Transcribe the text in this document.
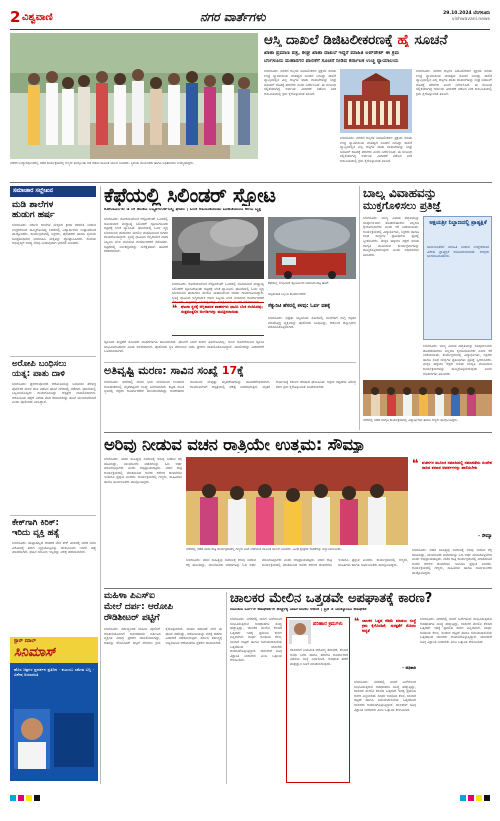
2 ವಿಶ್ವವಾಣಿ	ನಗರ ವಾರ್ತೆಗಳು	29.10.2024 ಬೆಂಗಳೂರು
vishwavani.news
ನಗರದ ಉದ್ಯಾನವೊಂದರಲ್ಲಿ ನಡೆದ ಕಾರ್ಯಕ್ರಮದಲ್ಲಿ ಗಣ್ಯರು ಪಾಲ್ಗೊಂಡು ಗಿಡ ನೆಡುವ ಮೂಲಕ ಚಾಲನೆ ನೀಡಿದರು. ಸ್ಥಳೀಯ ಮುಖಂಡರು ಹಾಗೂ ಅಧಿಕಾರಿಗಳು ಉಪಸ್ಥಿತರಿದ್ದರು.
ಆಸ್ತಿ ದಾಖಲೆ ಡಿಜಿಟಲೀಕರಣಕ್ಕೆ ಹೈ ಸೂಚನೆ
ಖಾತಾ ಪ್ರಮಾಣ ಪತ್ರ, ಶೀಘ್ರ ಖಾತಾ ದಾಖಲೆ ಇದ್ದರೆ ಮಾಹಿತಿ ಅಪ್‌ಡೇಟ್ ಈ ಕ್ರಮ
ಬೆಂಗಳೂರು ಮಹಾನಗರ ಪಾಲಿಕೆಗೆ ಸೂಚನೆ ನೀಡಿದ ಕರ್ನಾಟಕ ಉಚ್ಚ ನ್ಯಾಯಾಲಯ
ಬೆಂಗಳೂರು: ನಗರದ ಆಸ್ತಿಗಳ ಡಿಜಿಟಲೀಕರಣ ಪ್ರಕ್ರಿಯೆ ಕುರಿತು ಉಚ್ಚ ನ್ಯಾಯಾಲಯ ಮಹತ್ವದ ಸೂಚನೆ ನೀಡಿದ್ದು ಪಾಲಿಕೆ ವ್ಯಾಪ್ತಿಯಲ್ಲಿನ ಎಲ್ಲ ಆಸ್ತಿಗಳ ಖಾತಾ ದಾಖಲೆಗಳನ್ನು ಶೀಘ್ರ ಡಿಜಿಟಲ್ ರೂಪಕ್ಕೆ ತರಬೇಕು ಎಂದು ನಿರ್ದೇಶಿಸಿದೆ. ಈ ಸಂಬಂಧ ಸಲ್ಲಿಕೆಯಾಗಿದ್ದ ಅರ್ಜಿಯ ವಿಚಾರಣೆ ನಡೆಸಿದ ಪೀಠ ಕಾಲಮಿತಿಯಲ್ಲಿ ಕ್ರಮ ಕೈಗೊಳ್ಳುವಂತೆ ತಿಳಿಸಿದೆ.
ಬೆಂಗಳೂರು: ನಗರದ ಆಸ್ತಿಗಳ ಡಿಜಿಟಲೀಕರಣ ಪ್ರಕ್ರಿಯೆ ಕುರಿತು ಉಚ್ಚ ನ್ಯಾಯಾಲಯ ಮಹತ್ವದ ಸೂಚನೆ ನೀಡಿದ್ದು ಪಾಲಿಕೆ ವ್ಯಾಪ್ತಿಯಲ್ಲಿನ ಎಲ್ಲ ಆಸ್ತಿಗಳ ಖಾತಾ ದಾಖಲೆಗಳನ್ನು ಶೀಘ್ರ ಡಿಜಿಟಲ್ ರೂಪಕ್ಕೆ ತರಬೇಕು ಎಂದು ನಿರ್ದೇಶಿಸಿದೆ. ಈ ಸಂಬಂಧ ಸಲ್ಲಿಕೆಯಾಗಿದ್ದ ಅರ್ಜಿಯ ವಿಚಾರಣೆ ನಡೆಸಿದ ಪೀಠ ಕಾಲಮಿತಿಯಲ್ಲಿ ಕ್ರಮ ಕೈಗೊಳ್ಳುವಂತೆ ತಿಳಿಸಿದೆ.
ಬೆಂಗಳೂರು: ನಗರದ ಆಸ್ತಿಗಳ ಡಿಜಿಟಲೀಕರಣ ಪ್ರಕ್ರಿಯೆ ಕುರಿತು ಉಚ್ಚ ನ್ಯಾಯಾಲಯ ಮಹತ್ವದ ಸೂಚನೆ ನೀಡಿದ್ದು ಪಾಲಿಕೆ ವ್ಯಾಪ್ತಿಯಲ್ಲಿನ ಎಲ್ಲ ಆಸ್ತಿಗಳ ಖಾತಾ ದಾಖಲೆಗಳನ್ನು ಶೀಘ್ರ ಡಿಜಿಟಲ್ ರೂಪಕ್ಕೆ ತರಬೇಕು ಎಂದು ನಿರ್ದೇಶಿಸಿದೆ. ಈ ಸಂಬಂಧ ಸಲ್ಲಿಕೆಯಾಗಿದ್ದ ಅರ್ಜಿಯ ವಿಚಾರಣೆ ನಡೆಸಿದ ಪೀಠ ಕಾಲಮಿತಿಯಲ್ಲಿ ಕ್ರಮ ಕೈಗೊಳ್ಳುವಂತೆ ತಿಳಿಸಿದೆ.
ಸಮಾಚಾರ ಸಲ್ಲೇಖನ
ಮಡಿ ಶಾಲೆಗಳ
ಹುಡುಗ ಹರ್ಷ
ಬೆಂಗಳೂರು: ಸರ್ಕಾರಿ ಶಾಲೆಗಳ ಮಕ್ಕಳಿಗೆ ಕ್ರೀಡಾ ತರಬೇತಿ ನೀಡುವ ಉದ್ದೇಶದಿಂದ ಹಮ್ಮಿಕೊಂಡಿದ್ದ ಶಿಬಿರದಲ್ಲಿ ವಿದ್ಯಾರ್ಥಿಗಳು ಉತ್ಸಾಹದಿಂದ ಪಾಲ್ಗೊಂಡರು. ಕಾರ್ಯಕ್ರಮದಲ್ಲಿ ಶಿಕ್ಷಕರು, ಪೋಷಕರು ಹಾಗೂ ಸ್ಥಳೀಯ ಜನಪ್ರತಿನಿಧಿಗಳು ಭಾಗವಹಿಸಿ ಮಕ್ಕಳನ್ನು ಪ್ರೋತ್ಸಾಹಿಸಿದರು. ಶಾಲೆಯ ಅಭಿವೃದ್ಧಿಗೆ ಅಗತ್ಯ ನೆರವು ನೀಡುವುದಾಗಿ ಭರವಸೆ ನೀಡಿದರು.
ಅರೋಪಿ ಬಂಧಿಸಲು
ಯತ್ನ: ಪಾತು ದಾಳಿ
ಬೆಂಗಳೂರು: ಪ್ರಕರಣವೊಂದರ ಆರೋಪಿಯನ್ನು ಬಂಧಿಸಲು ತೆರಳಿದ್ದ ಪೊಲೀಸರ ಮೇಲೆ ದಾಳಿ ನಡೆಸಿದ ಘಟನೆ ನಗರದಲ್ಲಿ ನಡೆದಿದೆ. ಘಟನೆಯಲ್ಲಿ ಸಿಬ್ಬಂದಿಯೊಬ್ಬರು ಗಾಯಗೊಂಡಿದ್ದು ಆಸ್ಪತ್ರೆಗೆ ದಾಖಲಿಸಲಾಗಿದೆ. ಆರೋಪಿಯ ಪತ್ತೆಗೆ ವಿಶೇಷ ತಂಡ ರಚಿಸಲಾಗಿದ್ದು ತನಿಖೆ ಮುಂದುವರಿದಿದೆ ಎಂದು ಪೊಲೀಸರು ತಿಳಿಸಿದ್ದಾರೆ.
ಕೇಕ್‌ಗಾಗಿ ಕಿರಿಕ್:
ಇರಿದು ವ್ಯಕ್ತಿ ಹತ್ಯೆ
ಬೆಂಗಳೂರು: ಹುಟ್ಟುಹಬ್ಬದ ಆಚರಣೆ ವೇಳೆ ಕೇಕ್ ವಿಚಾರಕ್ಕೆ ನಡೆದ ಜಗಳ ವಿಕೋಪಕ್ಕೆ ತಿರುಗಿ ವ್ಯಕ್ತಿಯೊಬ್ಬನನ್ನು ಚಾಕುವಿನಿಂದ ಇರಿದು ಹತ್ಯೆ ಮಾಡಲಾಗಿದೆ. ಘಟನೆ ಸಂಬಂಧ ಇಬ್ಬರನ್ನು ವಶಕ್ಕೆ ಪಡೆಯಲಾಗಿದೆ.
ಸ್ಟಾರ್ ಮಾಲ್
ಸಿನಿಮಾಸ್
ಹೊಸ ಚಿತ್ರಗಳ ಪ್ರದರ್ಶನ ಪ್ರತಿದಿನ · ಕುಟುಂಬ ಸಮೇತ ಬನ್ನಿ · ವಿಶೇಷ ರಿಯಾಯಿತಿ
ಕೆಫೆಯಲ್ಲಿ ಸಿಲಿಂಡರ್ ಸ್ಫೋಟ
ಕೋರಮಂಗಲ 4 ನೇ ಹಂತದ ರೆಸ್ಟೋರೆಂಟ್‌ನಲ್ಲಿ ಘಟನೆ | ಬೆಂಕಿ ಆವರಿಸಿಕೊಂಡು ಮಹಡಿಯಿಂದ ಜಿಗಿದ ವ್ಯಕ್ತಿ
ಬೆಂಗಳೂರು: ಕೋರಮಂಗಲದ ರೆಸ್ಟೋರೆಂಟ್ ಒಂದರಲ್ಲಿ ಸೋಮವಾರ ಮಧ್ಯಾಹ್ನ ಸಿಲಿಂಡರ್ ಸ್ಫೋಟಗೊಂಡು ಕಟ್ಟಡಕ್ಕೆ ಬೆಂಕಿ ವ್ಯಾಪಿಸಿದೆ. ಘಟನೆಯಲ್ಲಿ ಓರ್ವ ವ್ಯಕ್ತಿ ಬೆಂಕಿಯಿಂದ ಪಾರಾಗಲು ಮೇಲಿನ ಮಹಡಿಯಿಂದ ಜಿಗಿದು ಗಾಯಗೊಂಡಿದ್ದಾರೆ. ಸ್ಥಳಕ್ಕೆ ಧಾವಿಸಿದ ಅಗ್ನಿಶಾಮಕ ದಳದ ಸಿಬ್ಬಂದಿ ಬೆಂಕಿ ನಂದಿಸುವ ಕಾರ್ಯಾಚರಣೆ ನಡೆಸಿದರು. ಕಟ್ಟಡದಲ್ಲಿ ಸಿಲುಕಿದ್ದವರನ್ನು ಸುರಕ್ಷಿತವಾಗಿ ಹೊರಗೆ ಕರೆತರಲಾಗಿದೆ.
ಬೆಂಗಳೂರು: ಕೋರಮಂಗಲದ ರೆಸ್ಟೋರೆಂಟ್ ಒಂದರಲ್ಲಿ ಸೋಮವಾರ ಮಧ್ಯಾಹ್ನ ಸಿಲಿಂಡರ್ ಸ್ಫೋಟಗೊಂಡು ಕಟ್ಟಡಕ್ಕೆ ಬೆಂಕಿ ವ್ಯಾಪಿಸಿದೆ. ಘಟನೆಯಲ್ಲಿ ಓರ್ವ ವ್ಯಕ್ತಿ ಬೆಂಕಿಯಿಂದ ಪಾರಾಗಲು ಮೇಲಿನ ಮಹಡಿಯಿಂದ ಜಿಗಿದು ಗಾಯಗೊಂಡಿದ್ದಾರೆ. ಸ್ಥಳಕ್ಕೆ ಧಾವಿಸಿದ ಅಗ್ನಿಶಾಮಕ ದಳದ ಸಿಬ್ಬಂದಿ ಬೆಂಕಿ ನಂದಿಸುವ ಕಾರ್ಯಾಚರಣೆ ನಡೆಸಿದರು. ಕಟ್ಟಡದಲ್ಲಿ ಸಿಲುಕಿದ್ದವರನ್ನು ಸುರಕ್ಷಿತವಾಗಿ ಹೊರಗೆ ಕರೆತರಲಾಗಿದೆ.
ಕೆಫೆಯಲ್ಲಿ ಸಂಭವಿಸಿದ ಸ್ಫೋಟದಿಂದ ಆವರಿಸಿದ ದಟ್ಟ ಹೊಗೆ
❝ ಘಟನಾ ಸ್ಥಳಕ್ಕೆ ಅಗ್ನಿಶಾಮಕ ವಾಹನಗಳು ಧಾವಿಸಿ ಬೆಂಕಿ ನಂದಿಸಿದವು; ಸುತ್ತಮುತ್ತಲಿನ ಅಂಗಡಿಗಳನ್ನು ಮುಚ್ಚಿಸಲಾಯಿತು
ಅಗ್ನಿಶಾಮಕ ಸಿಬ್ಬಂದಿ ಕಾರ್ಯಾಚರಣೆ
ಸೆಕ್ಯುರಿಟಿ ಹೆಸರಲ್ಲಿ ಕಳವು: ಓರ್ವ ವಶಕ್ಕೆ
ಬೆಂಗಳೂರು: ಭದ್ರತಾ ಸಿಬ್ಬಂದಿಯ ಸೋಗಿನಲ್ಲಿ ಮನೆಗಳಿಗೆ ನುಗ್ಗಿ ಕಳ್ಳತನ ಮಾಡುತ್ತಿದ್ದ ವ್ಯಕ್ತಿಯನ್ನು ಪೊಲೀಸರು ಬಂಧಿಸಿದ್ದು, ಆತನಿಂದ ಚಿನ್ನಾಭರಣ ವಶಪಡಿಸಿಕೊಳ್ಳಲಾಗಿದೆ.
ಸ್ಫೋಟದ ತೀವ್ರತೆಗೆ ಸಮೀಪದ ವಾಹನಗಳಿಗೂ ಹಾನಿಯಾಗಿದೆ. ಘಟನೆಗೆ ನಿಖರ ಕಾರಣ ತಿಳಿದುಬಂದಿಲ್ಲ. ಅನಿಲ ಸೋರಿಕೆಯಿಂದ ಸ್ಫೋಟ ಸಂಭವಿಸಿರಬಹುದು ಎಂದು ಶಂಕಿಸಲಾಗಿದೆ. ಪೊಲೀಸರು ಸ್ಥಳ ಪರಿಶೀಲನೆ ನಡೆಸಿ ಪ್ರಕರಣ ದಾಖಲಿಸಿಕೊಂಡಿದ್ದಾರೆ. ಮಾಲೀಕರನ್ನು ವಿಚಾರಣೆಗೆ ಒಳಪಡಿಸಲಾಗಿದೆ.
ಅತಿವೃಷ್ಟಿ ಮರಣ: ಸಾವಿನ ಸಂಖ್ಯೆ 17ಕ್ಕೆ
ಬೆಂಗಳೂರು: ನಗರದಲ್ಲಿ ಸುರಿದ ಭಾರಿ ಮಳೆಯಿಂದ ಉಂಟಾದ ಅನಾಹುತಗಳಲ್ಲಿ ಮೃತಪಟ್ಟವರ ಸಂಖ್ಯೆ ಏರಿಕೆಯಾಗಿದೆ. ಕಟ್ಟಡ ಕುಸಿತ ಸ್ಥಳದಲ್ಲಿ ರಕ್ಷಣಾ ಕಾರ್ಯಾಚರಣೆ ಮುಂದುವರಿದಿದ್ದು ಅವಶೇಷಗಳ ಅಡಿಯಿಂದ ಮತ್ತಷ್ಟು ಮೃತದೇಹಗಳನ್ನು ಹೊರತೆಗೆಯಲಾಗಿದೆ. ಗಾಯಾಳುಗಳಿಗೆ ಆಸ್ಪತ್ರೆಯಲ್ಲಿ ಚಿಕಿತ್ಸೆ ನೀಡಲಾಗುತ್ತಿದೆ. ಮೃತರ ಕುಟುಂಬಕ್ಕೆ ಸರ್ಕಾರ ಪರಿಹಾರ ಘೋಷಿಸಿದೆ. ಅಕ್ರಮ ಕಟ್ಟಡಗಳ ವಿರುದ್ಧ ಕಠಿಣ ಕ್ರಮ ಕೈಗೊಳ್ಳುವಂತೆ ಸೂಚಿಸಲಾಗಿದೆ.
ಬಾಲ್ಯ ವಿವಾಹವನ್ನು
ಮುಕ್ತಗೊಳಿಸಲು ಪ್ರತಿಜ್ಞೆ
ಬೆಂಗಳೂರು: ಬಾಲ್ಯ ವಿವಾಹ ಪದ್ಧತಿಯನ್ನು ಸಂಪೂರ್ಣವಾಗಿ ತೊಡೆದುಹಾಕಲು ಎಲ್ಲರೂ ಕೈಜೋಡಿಸಬೇಕು ಎಂದು ಕರೆ ನೀಡಲಾಯಿತು. ಕಾರ್ಯಕ್ರಮದಲ್ಲಿ ವಿದ್ಯಾರ್ಥಿಗಳು, ಶಿಕ್ಷಕರು ಹಾಗೂ ಸಂಘ ಸಂಸ್ಥೆಗಳ ಪ್ರತಿನಿಧಿಗಳು ಪ್ರತಿಜ್ಞೆ ಸ್ವೀಕರಿಸಿದರು. ಮಕ್ಕಳ ಹಕ್ಕುಗಳ ರಕ್ಷಣೆ ಕುರಿತು ಜಾಗೃತಿ ಮೂಡಿಸುವ ಕಾರ್ಯಕ್ರಮಗಳನ್ನು ಹಮ್ಮಿಕೊಳ್ಳಲಾಗುವುದು ಎಂದು ಅಧಿಕಾರಿಗಳು ತಿಳಿಸಿದರು.
ಅಕ್ಷಯಶ್ರೀ ನಿಲ್ದಾಣದಲ್ಲಿ ಪ್ರಾತ್ಯಕ್ಷಿಕೆ
ಸಾರ್ವಜನಿಕರಿಗೆ ಮಾಹಿತಿ ನೀಡುವ ಉದ್ದೇಶದಿಂದ ವಿಶೇಷ ಪ್ರಾತ್ಯಕ್ಷಿಕೆ ಆಯೋಜಿಸಲಾಗಿದೆ. ಆಸಕ್ತರು ಭಾಗವಹಿಸಬಹುದು.
ಬೆಂಗಳೂರು: ಬಾಲ್ಯ ವಿವಾಹ ಪದ್ಧತಿಯನ್ನು ಸಂಪೂರ್ಣವಾಗಿ ತೊಡೆದುಹಾಕಲು ಎಲ್ಲರೂ ಕೈಜೋಡಿಸಬೇಕು ಎಂದು ಕರೆ ನೀಡಲಾಯಿತು. ಕಾರ್ಯಕ್ರಮದಲ್ಲಿ ವಿದ್ಯಾರ್ಥಿಗಳು, ಶಿಕ್ಷಕರು ಹಾಗೂ ಸಂಘ ಸಂಸ್ಥೆಗಳ ಪ್ರತಿನಿಧಿಗಳು ಪ್ರತಿಜ್ಞೆ ಸ್ವೀಕರಿಸಿದರು. ಮಕ್ಕಳ ಹಕ್ಕುಗಳ ರಕ್ಷಣೆ ಕುರಿತು ಜಾಗೃತಿ ಮೂಡಿಸುವ ಕಾರ್ಯಕ್ರಮಗಳನ್ನು ಹಮ್ಮಿಕೊಳ್ಳಲಾಗುವುದು ಎಂದು ಅಧಿಕಾರಿಗಳು ತಿಳಿಸಿದರು.
ನಗರದಲ್ಲಿ ನಡೆದ ಜಾಗೃತಿ ಕಾರ್ಯಕ್ರಮದಲ್ಲಿ ವಿದ್ಯಾರ್ಥಿಗಳು ಹಾಗೂ ಗಣ್ಯರು ಪಾಲ್ಗೊಂಡಿದ್ದರು.
ಅರಿವು ನೀಡುವ ವಚನ ರಾತ್ರಿಯೇ ಉತ್ತಮ: ಸೌಮ್ಯಾ
ಬೆಂಗಳೂರು: ವಚನ ಸಾಹಿತ್ಯವು ಸಮಾಜಕ್ಕೆ ಅರಿವು ನೀಡುವ ಶಕ್ತಿ ಹೊಂದಿದ್ದು, ಯುವಜನರು ವಚನಗಳನ್ನು ಓದಿ ಅರ್ಥ ಮಾಡಿಕೊಳ್ಳಬೇಕು ಎಂದು ಅಭಿಪ್ರಾಯಪಟ್ಟರು. ವಚನ ರಾತ್ರಿ ಕಾರ್ಯಕ್ರಮದಲ್ಲಿ ಮಾತನಾಡಿದ ಅವರು ಶರಣರ ಚಿಂತನೆಗಳು ಇಂದಿಗೂ ಪ್ರಸ್ತುತ ಎಂದರು. ಕಾರ್ಯಕ್ರಮದಲ್ಲಿ ಗಣ್ಯರು, ಸಾಹಿತಿಗಳು ಹಾಗೂ ಸಾರ್ವಜನಿಕರು ಪಾಲ್ಗೊಂಡಿದ್ದರು.
❝ ವಚನಗಳ ಮೂಲಕ ಸಮಾಜದಲ್ಲಿ ಸಮಾನತೆಯ ಸಂದೇಶ ಸಾರಿದ ಶರಣರ ಆದರ್ಶಗಳನ್ನು ಪಾಲಿಸಬೇಕು
– ಸೌಮ್ಯಾ
ನಗರದಲ್ಲಿ ನಡೆದ ವಚನ ರಾತ್ರಿ ಕಾರ್ಯಕ್ರಮದಲ್ಲಿ ಗಣ್ಯರು ದೀಪ ಬೆಳಗಿಸುವ ಮೂಲಕ ಚಾಲನೆ ನೀಡಿದರು. ವಿವಿಧ ಕ್ಷೇತ್ರಗಳ ಸಾಧಕರನ್ನು ಸನ್ಮಾನಿಸಲಾಯಿತು.
ಬೆಂಗಳೂರು: ವಚನ ಸಾಹಿತ್ಯವು ಸಮಾಜಕ್ಕೆ ಅರಿವು ನೀಡುವ ಶಕ್ತಿ ಹೊಂದಿದ್ದು, ಯುವಜನರು ವಚನಗಳನ್ನು ಓದಿ ಅರ್ಥ ಮಾಡಿಕೊಳ್ಳಬೇಕು ಎಂದು ಅಭಿಪ್ರಾಯಪಟ್ಟರು. ವಚನ ರಾತ್ರಿ ಕಾರ್ಯಕ್ರಮದಲ್ಲಿ ಮಾತನಾಡಿದ ಅವರು ಶರಣರ ಚಿಂತನೆಗಳು ಇಂದಿಗೂ ಪ್ರಸ್ತುತ ಎಂದರು. ಕಾರ್ಯಕ್ರಮದಲ್ಲಿ ಗಣ್ಯರು, ಸಾಹಿತಿಗಳು ಹಾಗೂ ಸಾರ್ವಜನಿಕರು ಪಾಲ್ಗೊಂಡಿದ್ದರು.
ಬೆಂಗಳೂರು: ವಚನ ಸಾಹಿತ್ಯವು ಸಮಾಜಕ್ಕೆ ಅರಿವು ನೀಡುವ ಶಕ್ತಿ ಹೊಂದಿದ್ದು, ಯುವಜನರು ವಚನಗಳನ್ನು ಓದಿ ಅರ್ಥ ಮಾಡಿಕೊಳ್ಳಬೇಕು ಎಂದು ಅಭಿಪ್ರಾಯಪಟ್ಟರು. ವಚನ ರಾತ್ರಿ ಕಾರ್ಯಕ್ರಮದಲ್ಲಿ ಮಾತನಾಡಿದ ಅವರು ಶರಣರ ಚಿಂತನೆಗಳು ಇಂದಿಗೂ ಪ್ರಸ್ತುತ ಎಂದರು. ಕಾರ್ಯಕ್ರಮದಲ್ಲಿ ಗಣ್ಯರು, ಸಾಹಿತಿಗಳು ಹಾಗೂ ಸಾರ್ವಜನಿಕರು ಪಾಲ್ಗೊಂಡಿದ್ದರು.
ಮಹಿಳಾ ಪಿಎಸ್‌ಐ
ಮೇಲೆ ದರ್ಪ: ಆರೋಪಿ
ರೌಡಿಶೀಟರ್ ಪಟ್ಟಿಗೆ
ಬೆಂಗಳೂರು: ಕರ್ತವ್ಯನಿರತ ಮಹಿಳಾ ಪೊಲೀಸ್ ಅಧಿಕಾರಿಯೊಂದಿಗೆ ಅನುಚಿತವಾಗಿ ವರ್ತಿಸಿದ ವ್ಯಕ್ತಿಯ ವಿರುದ್ಧ ಪ್ರಕರಣ ದಾಖಲಿಸಲಾಗಿದ್ದು, ಆತನನ್ನು ರೌಡಿಶೀಟರ್ ಪಟ್ಟಿಗೆ ಸೇರಿಸಲು ಕ್ರಮ ಕೈಗೊಳ್ಳಲಾಗಿದೆ. ವಾಹನ ತಪಾಸಣೆ ವೇಳೆ ಈ ಘಟನೆ ನಡೆದಿದ್ದು, ಆರೋಪಿಯನ್ನು ವಶಕ್ಕೆ ಪಡೆದು ವಿಚಾರಣೆ ನಡೆಸಲಾಗುತ್ತಿದೆ. ಸರ್ಕಾರಿ ಕರ್ತವ್ಯಕ್ಕೆ ಅಡ್ಡಿಪಡಿಸಿದ ಆರೋಪದಡಿ ಪ್ರಕರಣ ದಾಖಲಾಗಿದೆ.
ಚಾಲಕರ ಮೇಲಿನ ಒತ್ತಡವೇ ಅಪಘಾತಕ್ಕೆ ಕಾರಣ?
ಬಿಎಂಟಿಸಿ ಬಸ್‌ಗಳ ಅಪಘಾತಗಳ ಹೆಚ್ಚಳಕ್ಕೆ ಸಾರ್ವಜನಿಕರ ಆತಂಕ | ಪ್ರತಿ 3 ದಿನಕ್ಕೊಂದು ಅಪಘಾತ
ಬೆಂಗಳೂರು: ನಗರದಲ್ಲಿ ಸಾರಿಗೆ ಬಸ್‌ಗಳಿಂದ ಸಂಭವಿಸುತ್ತಿರುವ ಅಪಘಾತಗಳ ಸಂಖ್ಯೆ ಹೆಚ್ಚುತ್ತಿದ್ದು, ಚಾಲಕರ ಮೇಲಿನ ಕೆಲಸದ ಒತ್ತಡವೇ ಇದಕ್ಕೆ ಪ್ರಮುಖ ಕಾರಣ ಎನ್ನಲಾಗಿದೆ. ದೀರ್ಘ ಅವಧಿಯ ಕೆಲಸ, ಸಂಚಾರ ದಟ್ಟಣೆ ಹಾಗೂ ಸಮಯಪಾಲನೆಯ ಒತ್ತಡದಿಂದ ಚಾಲಕರು ಆಯಾಸಗೊಳ್ಳುತ್ತಿದ್ದಾರೆ. ಚಾಲಕರಿಗೆ ಸೂಕ್ತ ವಿಶ್ರಾಂತಿ ನೀಡಬೇಕು ಎಂಬ ಒತ್ತಾಯ ಕೇಳಿಬಂದಿದೆ.
ಪರಿಹಾರ ಕ್ರಮಗಳು
ಚಾಲಕರಿಗೆ ನಿಯಮಿತ ಆರೋಗ್ಯ ತಪಾಸಣೆ, ಕೆಲಸದ ಅವಧಿ ನಿಗದಿ ಹಾಗೂ ತರಬೇತಿ ಕಾರ್ಯಾಗಾರ ನಡೆಸಲು ಸಂಸ್ಥೆ ನಿರ್ಧರಿಸಿದೆ. ಅಪಘಾತ ತಡೆಗೆ ತಂತ್ರಜ್ಞಾನ ಬಳಕೆ ಮಾಡಲಾಗುವುದು.
❝ ಚಾಲಕರ ಒತ್ತಡ ಕಡಿಮೆ ಮಾಡಲು ಸಂಸ್ಥೆ ಕ್ರಮ ಕೈಗೊಂಡಿದೆ; ಸುರಕ್ಷತೆಗೆ ಮೊದಲ ಆದ್ಯತೆ
– ಅಧಿಕಾರಿ
ಬೆಂಗಳೂರು: ನಗರದಲ್ಲಿ ಸಾರಿಗೆ ಬಸ್‌ಗಳಿಂದ ಸಂಭವಿಸುತ್ತಿರುವ ಅಪಘಾತಗಳ ಸಂಖ್ಯೆ ಹೆಚ್ಚುತ್ತಿದ್ದು, ಚಾಲಕರ ಮೇಲಿನ ಕೆಲಸದ ಒತ್ತಡವೇ ಇದಕ್ಕೆ ಪ್ರಮುಖ ಕಾರಣ ಎನ್ನಲಾಗಿದೆ. ದೀರ್ಘ ಅವಧಿಯ ಕೆಲಸ, ಸಂಚಾರ ದಟ್ಟಣೆ ಹಾಗೂ ಸಮಯಪಾಲನೆಯ ಒತ್ತಡದಿಂದ ಚಾಲಕರು ಆಯಾಸಗೊಳ್ಳುತ್ತಿದ್ದಾರೆ. ಚಾಲಕರಿಗೆ ಸೂಕ್ತ ವಿಶ್ರಾಂತಿ ನೀಡಬೇಕು ಎಂಬ ಒತ್ತಾಯ ಕೇಳಿಬಂದಿದೆ.
ಬೆಂಗಳೂರು: ನಗರದಲ್ಲಿ ಸಾರಿಗೆ ಬಸ್‌ಗಳಿಂದ ಸಂಭವಿಸುತ್ತಿರುವ ಅಪಘಾತಗಳ ಸಂಖ್ಯೆ ಹೆಚ್ಚುತ್ತಿದ್ದು, ಚಾಲಕರ ಮೇಲಿನ ಕೆಲಸದ ಒತ್ತಡವೇ ಇದಕ್ಕೆ ಪ್ರಮುಖ ಕಾರಣ ಎನ್ನಲಾಗಿದೆ. ದೀರ್ಘ ಅವಧಿಯ ಕೆಲಸ, ಸಂಚಾರ ದಟ್ಟಣೆ ಹಾಗೂ ಸಮಯಪಾಲನೆಯ ಒತ್ತಡದಿಂದ ಚಾಲಕರು ಆಯಾಸಗೊಳ್ಳುತ್ತಿದ್ದಾರೆ. ಚಾಲಕರಿಗೆ ಸೂಕ್ತ ವಿಶ್ರಾಂತಿ ನೀಡಬೇಕು ಎಂಬ ಒತ್ತಾಯ ಕೇಳಿಬಂದಿದೆ.
